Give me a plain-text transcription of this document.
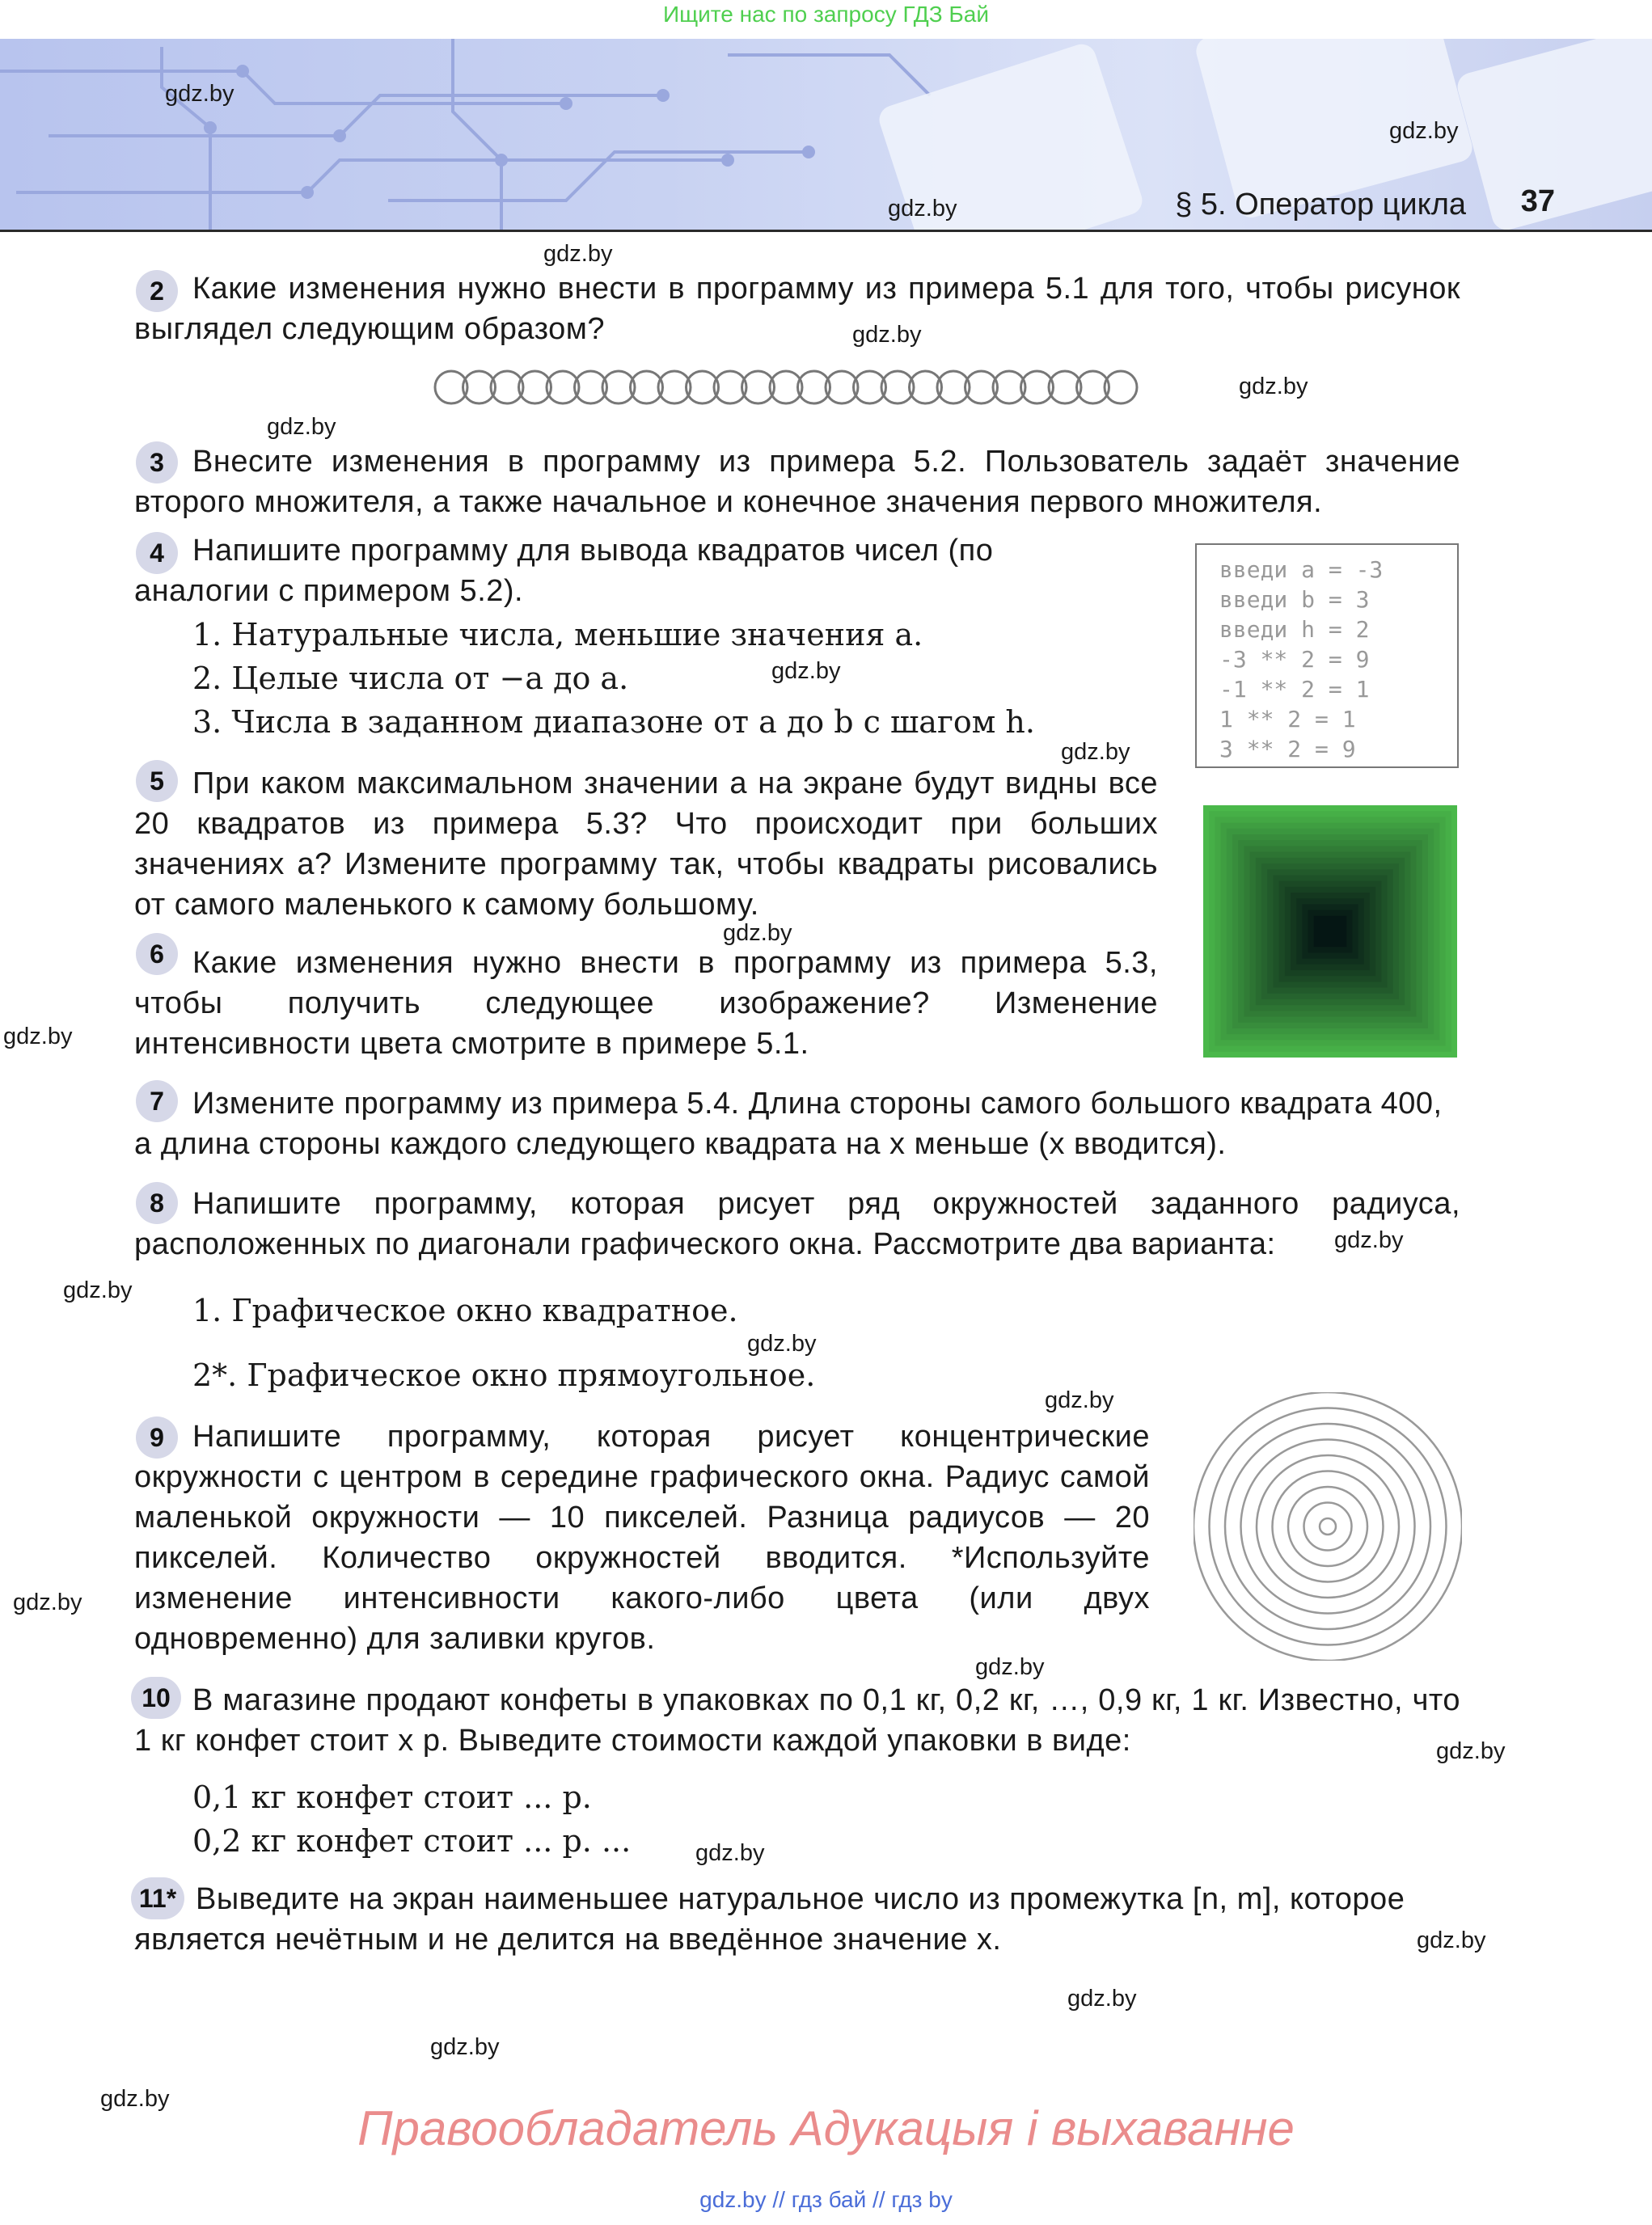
Ищите нас по запросу ГДЗ Бай
§ 5. Оператор цикла 37
gdz.by
gdz.by
gdz.by
gdz.by
gdz.by
gdz.by
gdz.by
gdz.by
gdz.by
gdz.by
gdz.by
gdz.by
gdz.by
gdz.by
gdz.by
gdz.by
gdz.by
gdz.by
gdz.by
gdz.by
gdz.by
gdz.by
gdz.by
2 Какие изменения нужно внести в программу из примера 5.1 для того, чтобы рисунок выглядел следующим образом?
3 Внесите изменения в программу из примера 5.2. Пользователь задаёт значение второго множителя, а также начальное и конечное значения первого множителя.
4 Напишите программу для вывода квадратов чисел (по аналогии с примером 5.2).
1. Натуральные числа, меньшие значения a.
2. Целые числа от −a до a.
3. Числа в заданном диапазоне от a до b с шагом h.
введи a = -3
введи b = 3
введи h = 2
-3 ** 2 = 9
-1 ** 2 = 1
1 ** 2 = 1
3 ** 2 = 9
5 При каком максимальном значении a на экране будут видны все 20 квадратов из примера 5.3? Что происходит при больших значениях a? Измените программу так, чтобы квадраты рисовались от самого маленького к самому большому.
6 Какие изменения нужно внести в программу из примера 5.3, чтобы получить следующее изображение? Изменение интенсивности цвета смотрите в примере 5.1.
7 Измените программу из примера 5.4. Длина стороны самого большого квадрата 400, а длина стороны каждого следующего квадрата на x меньше (x вводится).
8 Напишите программу, которая рисует ряд окружностей заданного радиуса, расположенных по диагонали графического окна. Рассмотрите два варианта:
1. Графическое окно квадратное.
2*. Графическое окно прямоугольное.
9 Напишите программу, которая рисует концентрические окружности с центром в середине графического окна. Радиус самой маленькой окружности — 10 пикселей. Разница радиусов — 20 пикселей. Количество окружностей вводится. *Используйте изменение интенсивности какого-либо цвета (или двух одновременно) для заливки кругов.
10 В магазине продают конфеты в упаковках по 0,1 кг, 0,2 кг, …, 0,9 кг, 1 кг. Известно, что 1 кг конфет стоит x р. Выведите стоимости каждой упаковки в виде:
0,1 кг конфет стоит ... р.
0,2 кг конфет стоит ... р. ...
11* Выведите на экран наименьшее натуральное число из промежутка [n, m], которое является нечётным и не делится на введённое значение x.
Правообладатель Адукацыя і выхаванне
gdz.by // гдз бай // гдз by
